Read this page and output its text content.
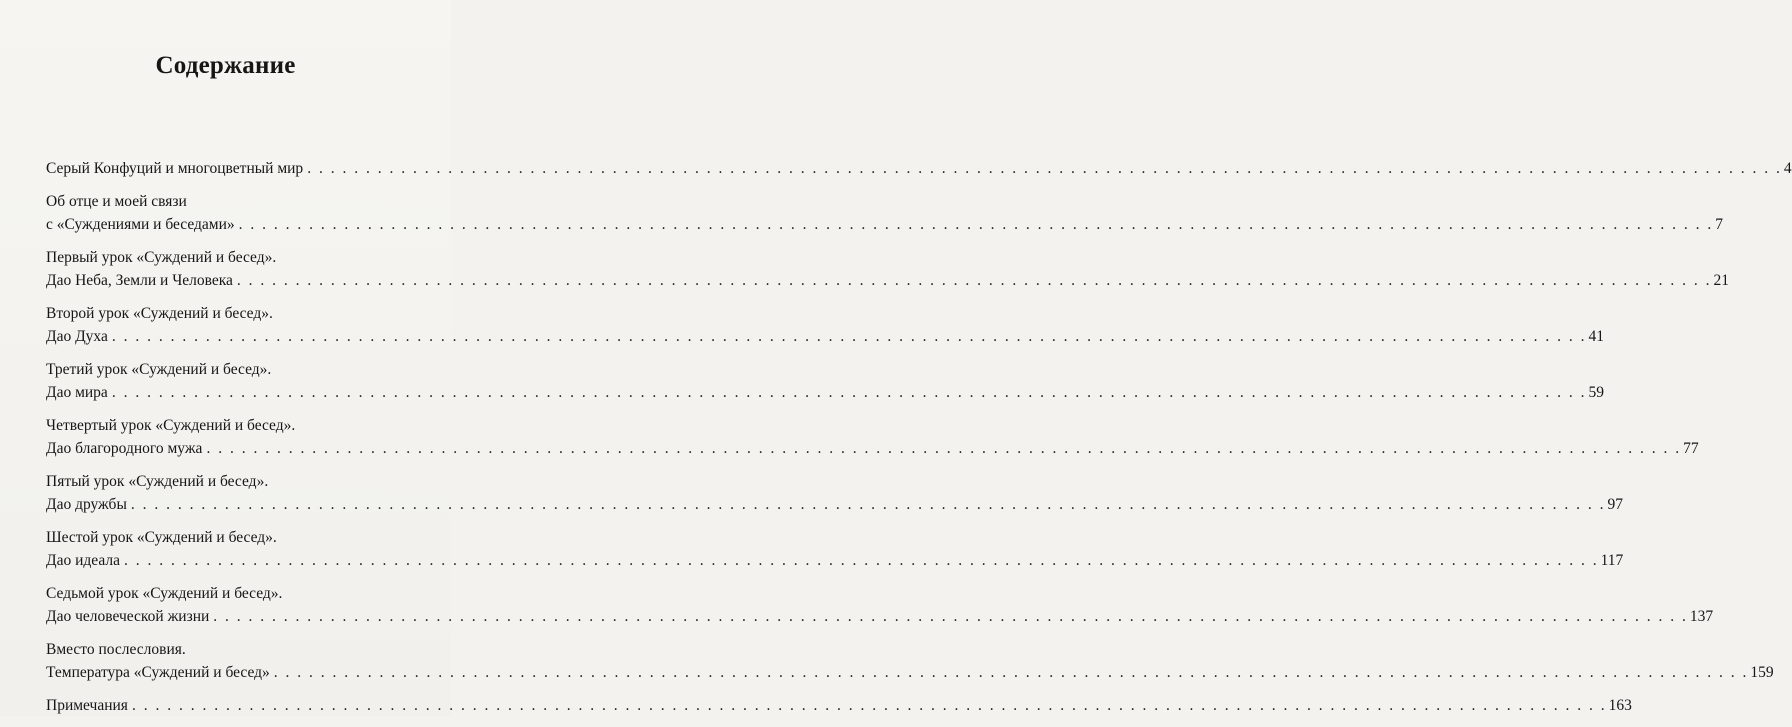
Содержание
Серый Конфуций и многоцветный мир . . . . . . . . . . . . . . . . . . . . . . . . . . . . . . . . . . . . . . . . . . . . . . . . . . . . . . . . . . . . . . . . . . . . . . . . . . . . . . . . . . . . . . . . . . . . . . . . . . . . . . . . . . . . . . . . . . . . . . . . . . . . . . 4
Об отце и моей связи
с «Суждениями и беседами» . . . . . . . . . . . . . . . . . . . . . . . . . . . . . . . . . . . . . . . . . . . . . . . . . . . . . . . . . . . . . . . . . . . . . . . . . . . . . . . . . . . . . . . . . . . . . . . . . . . . . . . . . . . . . . . . . . . . . . . . . . . . . . 7
Первый урок «Суждений и бесед».
Дао Неба, Земли и Человека . . . . . . . . . . . . . . . . . . . . . . . . . . . . . . . . . . . . . . . . . . . . . . . . . . . . . . . . . . . . . . . . . . . . . . . . . . . . . . . . . . . . . . . . . . . . . . . . . . . . . . . . . . . . . . . . . . . . . . . . . . . . . . 21
Второй урок «Суждений и бесед».
Дао Духа . . . . . . . . . . . . . . . . . . . . . . . . . . . . . . . . . . . . . . . . . . . . . . . . . . . . . . . . . . . . . . . . . . . . . . . . . . . . . . . . . . . . . . . . . . . . . . . . . . . . . . . . . . . . . . . . . . . . . . . . . . . . . . 41
Третий урок «Суждений и бесед».
Дао мира . . . . . . . . . . . . . . . . . . . . . . . . . . . . . . . . . . . . . . . . . . . . . . . . . . . . . . . . . . . . . . . . . . . . . . . . . . . . . . . . . . . . . . . . . . . . . . . . . . . . . . . . . . . . . . . . . . . . . . . . . . . . . . 59
Четвертый урок «Суждений и бесед».
Дао благородного мужа . . . . . . . . . . . . . . . . . . . . . . . . . . . . . . . . . . . . . . . . . . . . . . . . . . . . . . . . . . . . . . . . . . . . . . . . . . . . . . . . . . . . . . . . . . . . . . . . . . . . . . . . . . . . . . . . . . . . . . . . . . . . . . 77
Пятый урок «Суждений и бесед».
Дао дружбы . . . . . . . . . . . . . . . . . . . . . . . . . . . . . . . . . . . . . . . . . . . . . . . . . . . . . . . . . . . . . . . . . . . . . . . . . . . . . . . . . . . . . . . . . . . . . . . . . . . . . . . . . . . . . . . . . . . . . . . . . . . . . . 97
Шестой урок «Суждений и бесед».
Дао идеала . . . . . . . . . . . . . . . . . . . . . . . . . . . . . . . . . . . . . . . . . . . . . . . . . . . . . . . . . . . . . . . . . . . . . . . . . . . . . . . . . . . . . . . . . . . . . . . . . . . . . . . . . . . . . . . . . . . . . . . . . . . . . . 117
Седьмой урок «Суждений и бесед».
Дао человеческой жизни . . . . . . . . . . . . . . . . . . . . . . . . . . . . . . . . . . . . . . . . . . . . . . . . . . . . . . . . . . . . . . . . . . . . . . . . . . . . . . . . . . . . . . . . . . . . . . . . . . . . . . . . . . . . . . . . . . . . . . . . . . . . . . 137
Вместо послесловия.
Температура «Суждений и бесед» . . . . . . . . . . . . . . . . . . . . . . . . . . . . . . . . . . . . . . . . . . . . . . . . . . . . . . . . . . . . . . . . . . . . . . . . . . . . . . . . . . . . . . . . . . . . . . . . . . . . . . . . . . . . . . . . . . . . . . . . . . . . . . 159
Примечания . . . . . . . . . . . . . . . . . . . . . . . . . . . . . . . . . . . . . . . . . . . . . . . . . . . . . . . . . . . . . . . . . . . . . . . . . . . . . . . . . . . . . . . . . . . . . . . . . . . . . . . . . . . . . . . . . . . . . . . . . . . . . . 163
